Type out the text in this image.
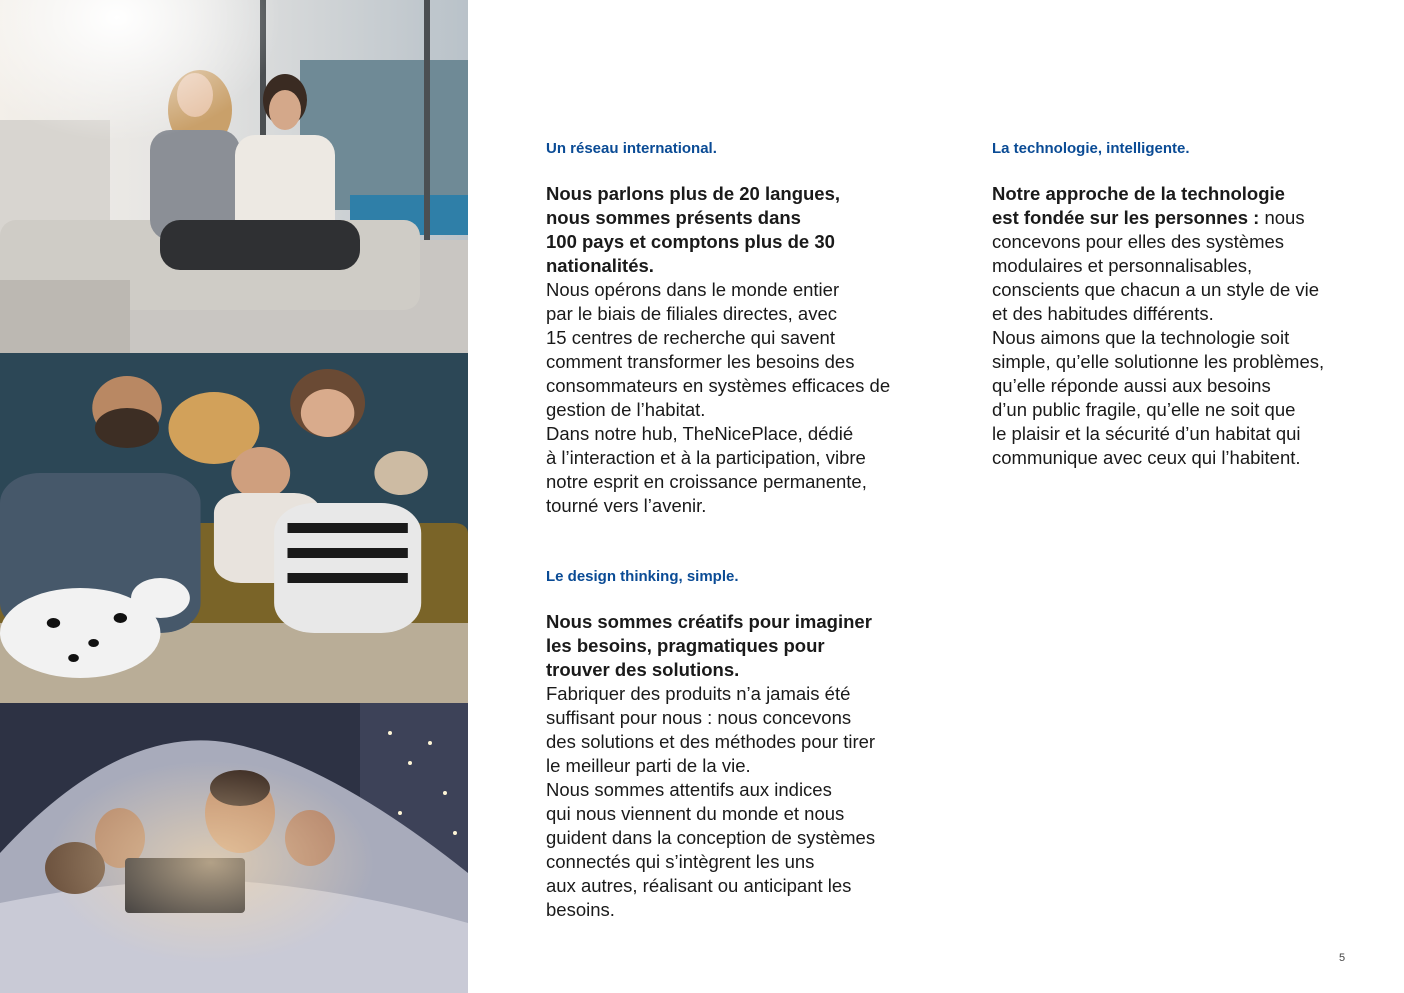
Un réseau international.

Nous parlons plus de 20 langues,
nous sommes présents dans
100 pays et comptons plus de 30
nationalités.

Nous opérons dans le monde entier
par le biais de filiales directes, avec
15 centres de recherche qui savent
comment transformer les besoins des
consommateurs en systèmes efficaces de
gestion de l’habitat.
Dans notre hub, TheNicePlace, dédié
à l’interaction et à la participation, vibre
notre esprit en croissance permanente,
tourné vers l’avenir.

Le design thinking, simple.

Nous sommes créatifs pour imaginer
les besoins, pragmatiques pour
trouver des solutions.

Fabriquer des produits n’a jamais été
suffisant pour nous : nous concevons
des solutions et des méthodes pour tirer
le meilleur parti de la vie.
Nous sommes attentifs aux indices
qui nous viennent du monde et nous
guident dans la conception de systèmes
connectés qui s’intègrent les uns
aux autres, réalisant ou anticipant les
besoins.

La technologie, intelligente.

Notre approche de la technologie
est fondée sur les personnes : nous
concevons pour elles des systèmes
modulaires et personnalisables,
conscients que chacun a un style de vie
et des habitudes différents.
Nous aimons que la technologie soit
simple, qu’elle solutionne les problèmes,
qu’elle réponde aussi aux besoins
d’un public fragile, qu’elle ne soit que
le plaisir et la sécurité d’un habitat qui
communique avec ceux qui l’habitent.

5
